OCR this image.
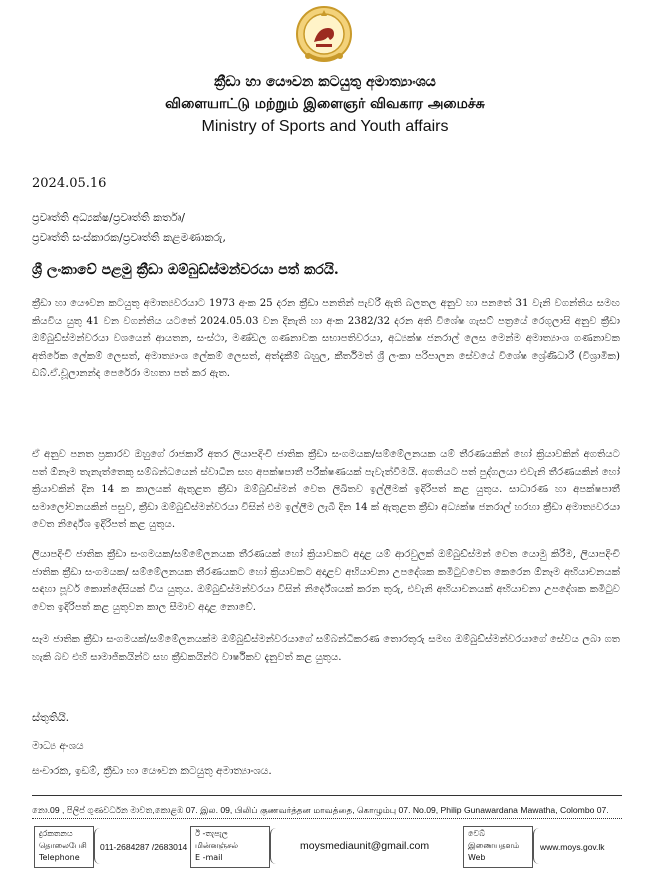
ක්‍රීඩා හා යෞවන කටයුතු අමාත්‍යාංශය
விளையாட்டு மற்றும் இளைஞர் விவகார அமைச்சு
Ministry of Sports and Youth affairs
2024.05.16
ප්‍රවෘත්ති අධ්‍යක්ෂ/ප්‍රවෘත්ති කර්තෘ/
ප්‍රවෘත්ති සංස්කාරක/ප්‍රවෘත්ති කළමණාකරු,
ශ්‍රී ලංකාවේ පළමු ක්‍රීඩා ඔම්බුඩ්ස්මන්වරයා පත් කරයි.

ක්‍රීඩා හා යෞවන කටයුතු අමාත්‍යවරයාට 1973 අංක 25 දරන ක්‍රීඩා පනතින් පැවරී ඇති බලතල අනුව හා පනතේ 31 වැනි වගන්තිය සමඟ කියවිය යුතු 41 වන වගන්තිය යටතේ 2024.05.03 වන දිනැති හා අංක 2382/32 දරන අති විශේෂ ගැසට් පත්‍රයේ රෙගුලාසි අනුව ක්‍රීඩා ඔම්බුඩ්ස්මන්වරයා වශයෙන් ආයතන, සංස්ථා, මණ්ඩල ගණනාවක සභාපතිවරයා, අධ්‍යක්ෂ ජනරාල් ලෙස මෙන්ම අමාත්‍යාංශ ගණනාවක අතිරේක ලේකම් ලෙසත්, අමාත්‍යාංශ ලේකම් ලෙසත්, අත්දැකීම් බහුල, කීර්තිමත් ශ්‍රී ලංකා පරිපාලන සේවයේ විශේෂ ශ්‍රේණිධාරී (විශ්‍රාමික) ඩබ්.ඒ.චූලානන්ද පෙරේරා මහතා පත් කර ඇත.

ඒ අනුව පනත ප්‍රකාරව ඔහුගේ රාජකාරී අතර ලියාපදිංචි ජාතික ක්‍රීඩා සංගමයක/සම්මේලනයක යම් තීරණයකින් හෝ ක්‍රියාවකින් අගතියට පත් ඕනෑම තැනැත්තෙකු සම්බන්ධයෙන් ස්වාධීන සහ අපක්ෂපාතී පරීක්ෂණයක් පැවැත්වීමයි. අගතියට පත් පුද්ගලයා එවැනි තීරණයකින් හෝ ක්‍රියාවකින් දින 14 ක කාලයක් ඇතුළත ක්‍රීඩා ඔම්බුඩ්ස්මන් වෙත ලිඛිතව ඉල්ලීමක් ඉදිරිපත් කළ යුතුය. සාධාරණ හා අපක්ෂපාතී සමාලෝචනයකින් පසුව, ක්‍රීඩා ඔම්බුඩ්ස්මන්වරයා විසින් එම ඉල්ලීම ලැබී දින 14 ක් ඇතුළත ක්‍රීඩා අධ්‍යක්ෂ ජනරාල් හරහා ක්‍රීඩා අමාත්‍යවරයා වෙත නිර්දේශ ඉදිරිපත් කළ යුතුය.

ලියාපදිංචි ජාතික ක්‍රීඩා සංගමයක/සම්මේලනයක තීරණයක් හෝ ක්‍රියාවකට අදාළ යම් ආරවුලක් ඔම්බුඩ්ස්මන් වෙත යොමු කිරීම, ලියාපදිංචි ජාතික ක්‍රීඩා සංගමයක/ සම්මේලනයක තීරණයකට හෝ ක්‍රියාවකට අදාළව අභියාචනා උපදේශක කමිටුවවෙත කෙරෙන ඕනෑම අභියාචනයක් සඳහා පූර්ව කොන්දේසියක් විය යුතුය. ඔම්බුඩ්ස්මන්වරයා විසින් නිර්දේශයක් කරන තුරු, එවැනි අභියාචනයක් අභියාචනා උපදේශක කමිටුව වෙත ඉදිරිපත් කළ යුතුවන කාල සීමාව අදාළ නොවේ.

සෑම ජාතික ක්‍රීඩා සංගමයක්/සම්මේලනයක්ම ඔම්බුඩ්ස්මන්වරයාගේ සම්බන්ධීකරණ තොරතුරු සමඟ ඔම්බුඩ්ස්මන්වරයාගේ සේවය ලබා ගත හැකි බව එහි සාමාජිකයින්ට සහ ක්‍රීඩකයින්ට වාර්ෂිකව දැනුවත් කළ යුතුය.

ස්තුතියි.
මාධ්‍ය අංශය
සංචාරක, ඉඩම්, ක්‍රීඩා හා යෞවන කටයුතු අමාත්‍යාංශය.
නො.09 , පිලිප් ගුණවර්ධන මාවත,කොළඹ 07. இல. 09, பிலிப் குணவர்த்தன மாவத்தை, கொழும்பு 07. No.09, Philip Gunawardana Mawatha, Colombo 07.
දුරකතනය
தொலைபேசி
Telephone
011-2684287 /2683014
ඊ -තැපැල
மின்னஞ்சல்
E -mail
moysmediaunit@gmail.com
වෙබ්
இணையதளம்
Web
www.moys.gov.lk
